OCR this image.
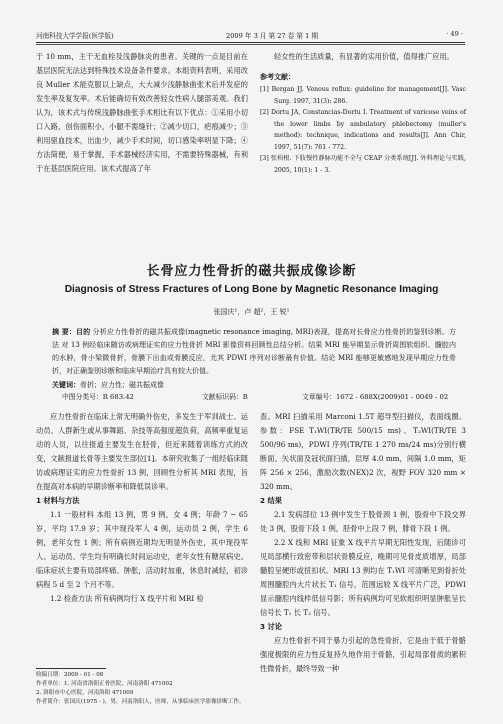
河南科技大学学报(医学版)	2009 年 3 月 第 27 卷 第 1 期	· 49 ·

于 10 mm，主干无血栓及浅静脉炎的患者。关键的一点是目前在基层医院无法达到特殊技术设备条件要求。本组资料表明，采用改良 Muller 术能克服以上缺点，大大减少浅静脉曲张术后并发症的发生率及复发率。术后能确切有效改善轻女性病人腿部美观。我们认为，该术式与传统浅静脉曲张手术相比有以下优点：①采用小切口入路，创伤面积小，小腿不需缝针；②减少切口，疤痕减少；③利用驱血技术，出血少，减少手术时间，切口感染率明显下降；④方法简便，易于掌握，手术器械经济实用，不需要特殊器械，有利于在基层医院应用。该术式提高了年

轻女性的生活质量，有显著的实用价值，值得推广应用。

参考文献：
[1] Bergan JJ. Venous reflux: guideline for management[J]. Vasc Surg. 1997, 31(3): 286.
[2] Dortu JA, Constancias-Dortu I. Treatment of varicose veins of the lower limbs by ambulatory phlebectomy (muller's method): technique, indications and results[J]. Ann Chir, 1997, 51(7): 761 - 772.
[3] 张柏根. 下肢慢性静脉功能不全与 CEAP 分类系统[J]. 外科理论与实践, 2005, 10(1): 1 - 3.
长骨应力性骨折的磁共振成像诊断
Diagnosis of Stress Fractures of Long Bone by Magnetic Resonance Imaging
张国庆¹，卢 超²，王 锐¹
摘 要：目的 分析应力性骨折的磁共振成像(magnetic resonance imaging, MRI)表现，提高对长骨应力性骨折的鉴别诊断。方法 对 13 例经临床随访或病理证实的应力性骨折 MRI 影像资料回顾性总结分析。结果 MRI 能早期显示骨折周围软组织、髓腔内的水肿，骨小梁微骨折，骨膜下出血或骨膜反应，尤其 PDWI 序列对诊断最有价值。结论 MRI 能够更敏感地发现早期应力性骨折，对正确鉴别诊断和临床早期治疗具有较大价值。
关键词：骨折；应力性；磁共振成像
中图分类号：R 683.42	文献标识码：B	文章编号：1672 - 688X(2009)01 - 0049 - 02

应力性骨折在临床上常无明确外伤史，多发生于军训战士、运动员、人群新生或从事舞蹈、杂技等高强度超负荷，高频率重复运动的人员，以往报道主要发生在胫骨，但近来随着训练方式的改变，文献报道长骨等主要发生部位[1]。本研究收集了一组经临床随访或病理证实的应力性骨折 13 例，回顾性分析其 MRI 表现，旨在提高对本病的早期诊断率和降低误诊率。

1 材料与方法

1.1 一般材料 本组 13 例，男 9 例，女 4 例；年龄 7 ~ 65 岁，平均 17.9 岁；其中现役军人 4 例，运动员 2 例，学生 6 例，老年女性 1 例；所有病例近期均无明显外伤史，其中现役军人、运动员、学生均有明确长时间运动史，老年女性有糖尿病史。临床症状主要有局部疼痛、肿胀，活动时加重，休息时减轻，初诊病程 5 d 至 2 个月不等。

1.2 检查方法 所有病例均行 X 线平片和 MRI 检

查。MRI 扫描采用 Marconi 1.5T 超导型扫描仪，表面线圈。参数：FSE T₁WI(TR/TE 500/15 ms)、T₂WI(TR/TE 3 500/96 ms)，PDWI 序列(TR/TE 1 270 ms/24 ms)分别行横断面、矢状面及冠状面扫描，层厚 4.0 mm，间隔 1.0 mm，矩阵 256 × 256，激励次数(NEX)2 次，视野 FOV 320 mm × 320 mm。

2 结果

2.1 发病部位 13 例中发生于股骨颈 1 例，股骨中下段交界处 3 例，股骨下段 1 例，胫骨中上段 7 例，腓骨下段 1 例。

2.2 X 线和 MRI 征象 X 线平片早期无阳性发现，后随诊可见局部横行致密带和层状骨膜反应，晚期可见骨皮质增厚，局部髓腔呈硬形或扭扣状。MRI 13 例均在 T₁WI 可清晰见到骨折处周围髓腔内大片状长 T₁ 信号，范围远较 X 线平片广泛，PDWI 显示髓腔内线样低信号影；所有病例均可见软组织明显肿胀呈长信号长 T₁ 长 T₂ 信号。

3 讨论

应力性骨折不同于暴力引起的急性骨折，它是由于低于骨骼强度极限的应力性反复持久地作用于骨骼，引起局部骨质的累积性微骨折，最终导致一种

收稿日期：2009 - 01 - 08
作者单位：1. 河南省洛阳正骨医院，河南洛阳 471002
2. 洛阳市中心医院，河南洛阳 471009
作者简介：张国庆(1975 - )，男，河南洛阳人，医师，从事临床医学影像诊断工作。
